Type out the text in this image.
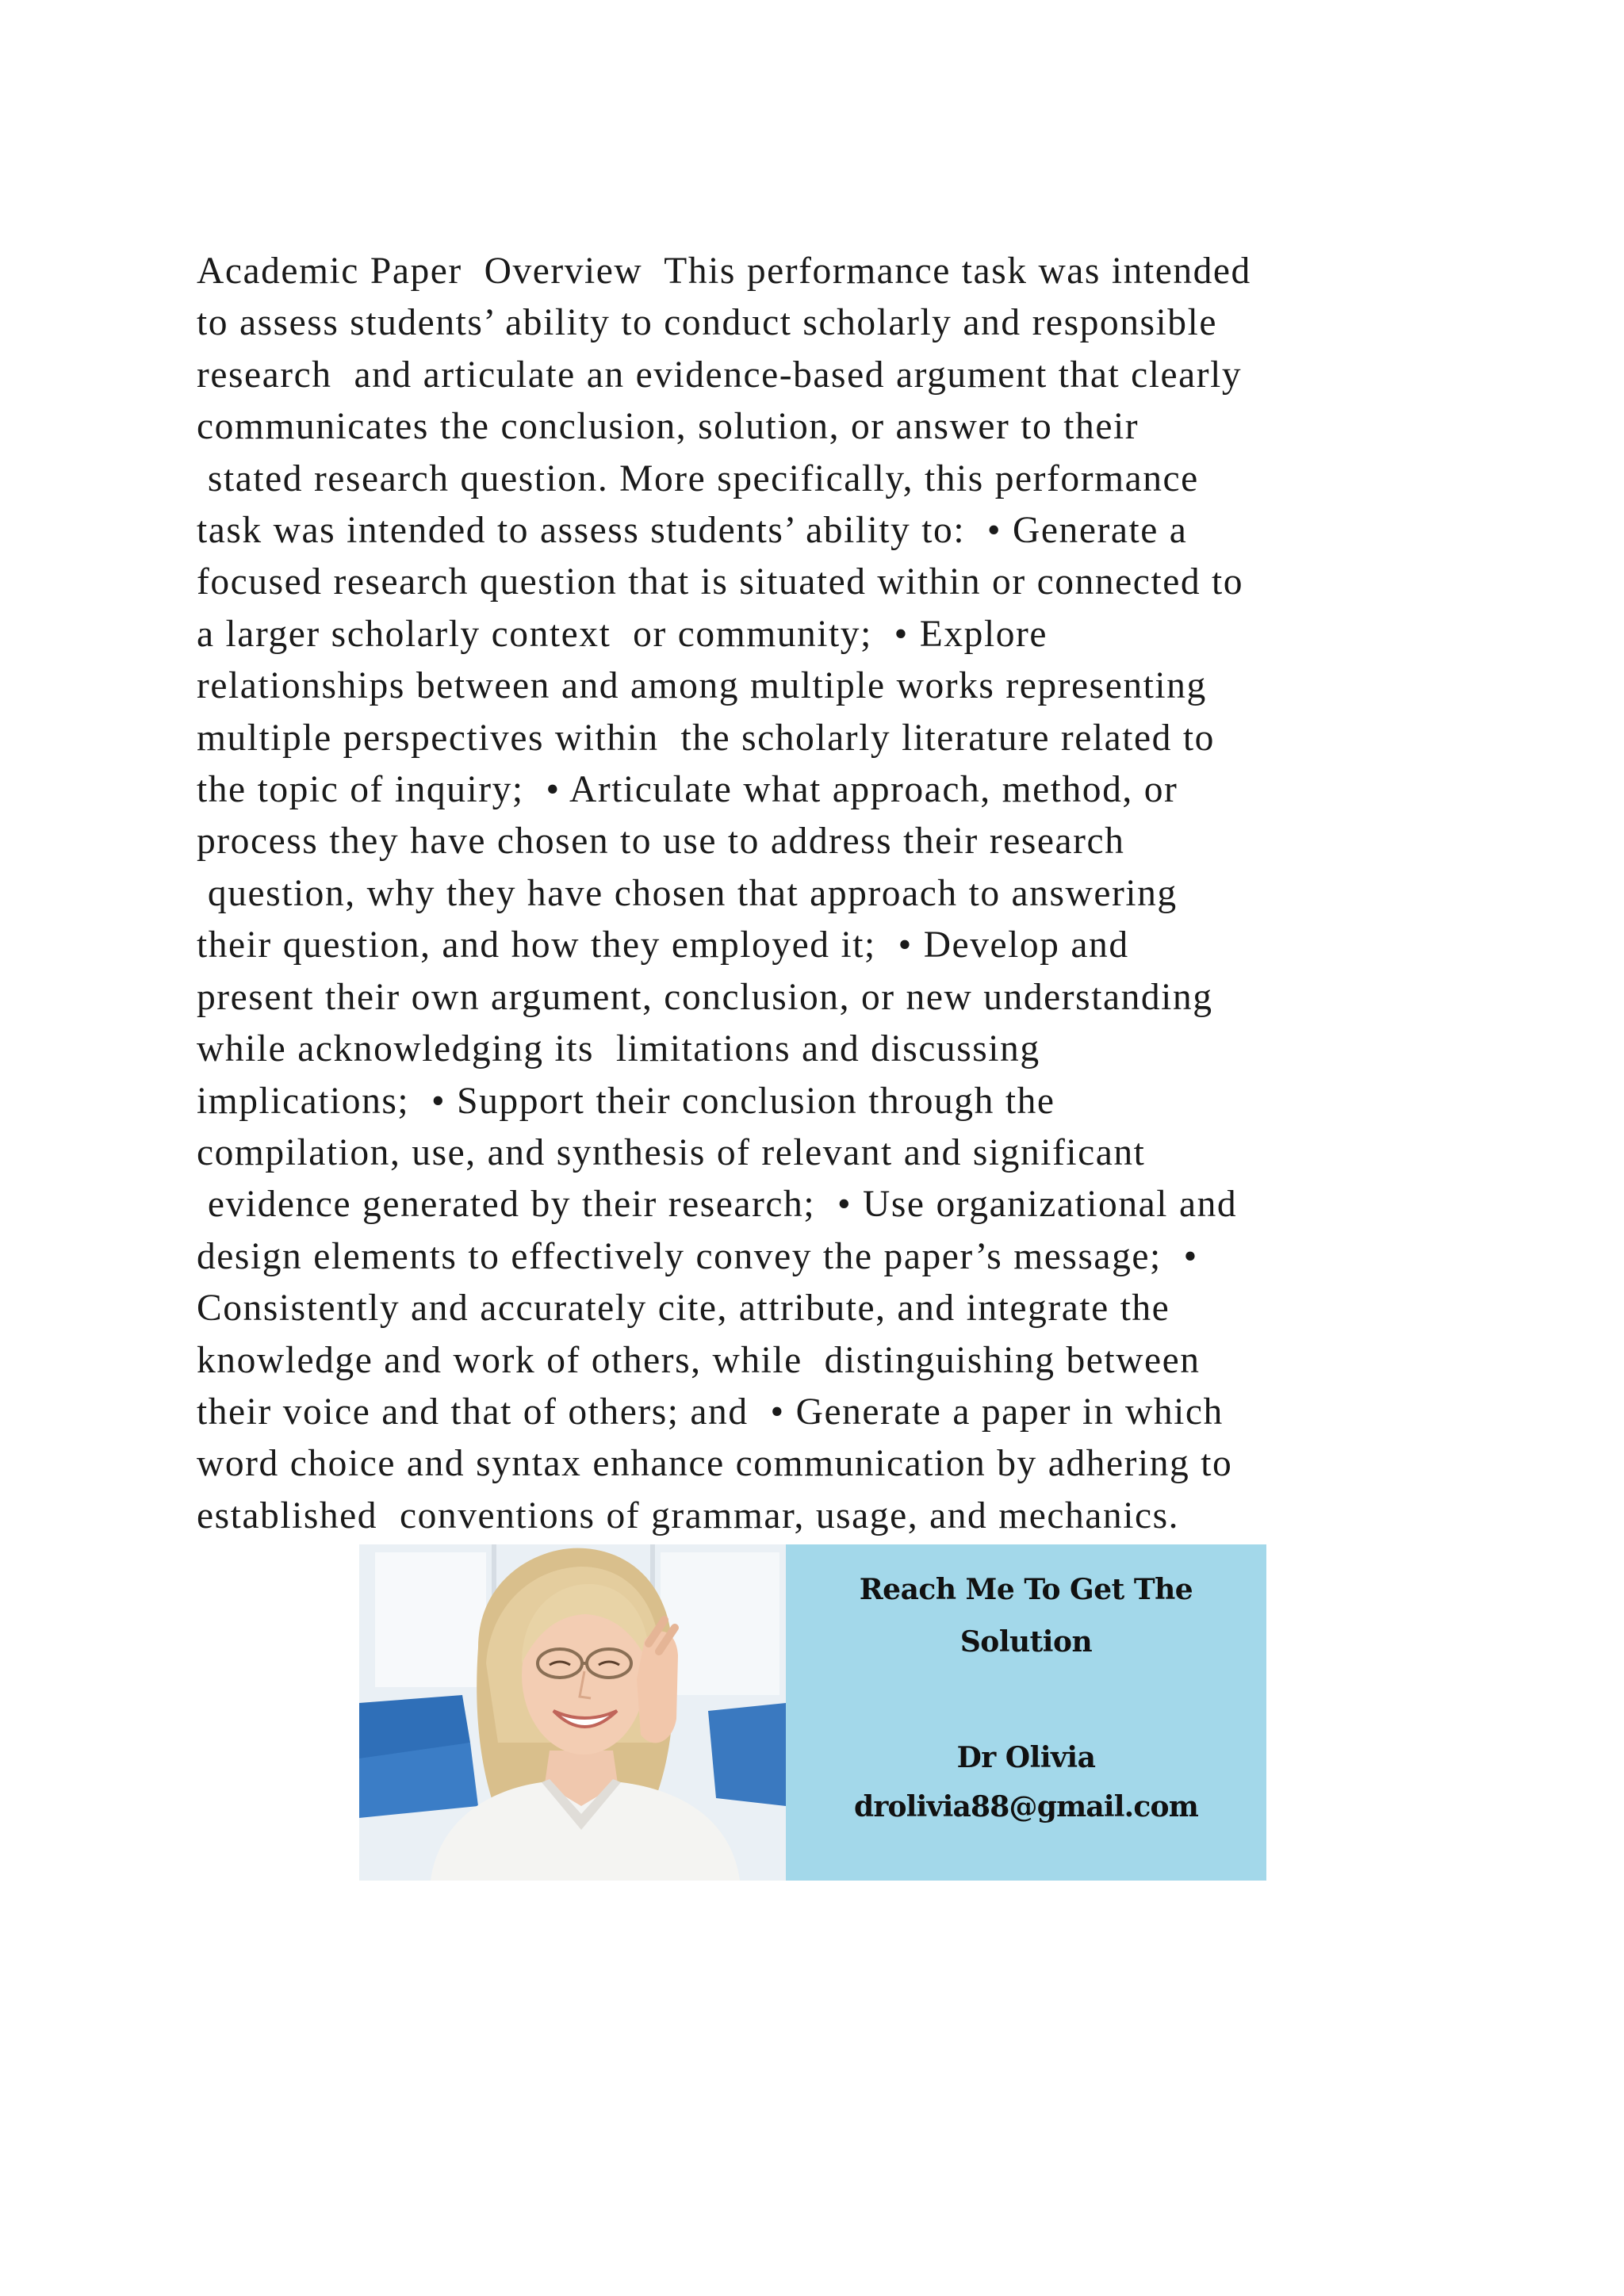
Academic Paper  Overview  This performance task was intended
to assess students’ ability to conduct scholarly and responsible
research  and articulate an evidence-based argument that clearly
communicates the conclusion, solution, or answer to their
stated research question. More specifically, this performance
task was intended to assess students’ ability to:  • Generate a
focused research question that is situated within or connected to
a larger scholarly context  or community;  • Explore
relationships between and among multiple works representing
multiple perspectives within  the scholarly literature related to
the topic of inquiry;  • Articulate what approach, method, or
process they have chosen to use to address their research
question, why they have chosen that approach to answering
their question, and how they employed it;  • Develop and
present their own argument, conclusion, or new understanding
while acknowledging its  limitations and discussing
implications;  • Support their conclusion through the
compilation, use, and synthesis of relevant and significant
evidence generated by their research;  • Use organizational and
design elements to effectively convey the paper’s message;  •
Consistently and accurately cite, attribute, and integrate the
knowledge and work of others, while  distinguishing between
their voice and that of others; and  • Generate a paper in which
word choice and syntax enhance communication by adhering to
established  conventions of grammar, usage, and mechanics.
Reach Me To Get The
Solution
Dr Olivia
drolivia88@gmail.com
